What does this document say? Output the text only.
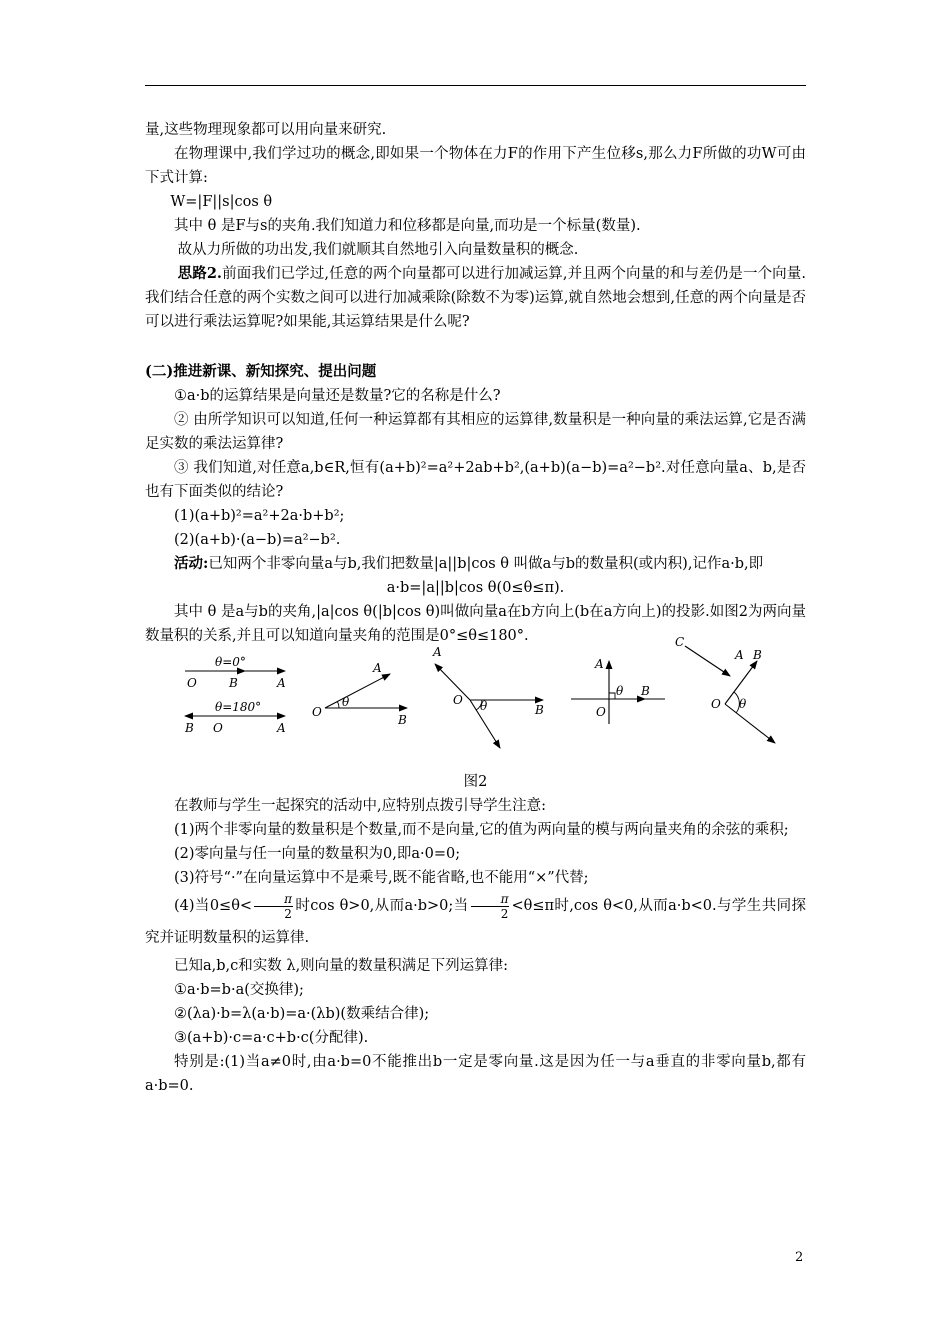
量,这些物理现象都可以用向量来研究.

在物理课中,我们学过功的概念,即如果一个物体在力F的作用下产生位移s,那么力F所做的功W可由下式计算:

W=|F||s|cos θ

其中 θ 是F与s的夹角.我们知道力和位移都是向量,而功是一个标量(数量).

故从力所做的功出发,我们就顺其自然地引入向量数量积的概念.

思路2.前面我们已学过,任意的两个向量都可以进行加减运算,并且两个向量的和与差仍是一个向量.我们结合任意的两个实数之间可以进行加减乘除(除数不为零)运算,就自然地会想到,任意的两个向量是否可以进行乘法运算呢?如果能,其运算结果是什么呢?

(二)推进新课、新知探究、提出问题

①a·b的运算结果是向量还是数量?它的名称是什么?

② 由所学知识可以知道,任何一种运算都有其相应的运算律,数量积是一种向量的乘法运算,它是否满足实数的乘法运算律?

③ 我们知道,对任意a,b∈R,恒有(a+b)²=a²+2ab+b²,(a+b)(a−b)=a²−b².对任意向量a、b,是否也有下面类似的结论?

(1)(a+b)²=a²+2a·b+b²;

(2)(a+b)·(a−b)=a²−b².

活动:已知两个非零向量a与b,我们把数量|a||b|cos θ 叫做a与b的数量积(或内积),记作a·b,即

a·b=|a||b|cos θ(0≤θ≤π).

其中 θ 是a与b的夹角,|a|cos θ(|b|cos θ)叫做向量a在b方向上(b在a方向上)的投影.如图2为两向量数量积的关系,并且可以知道向量夹角的范围是0°≤θ≤180°.

θ=0°
O	B	A
θ=180°
B O	A
O
A
θ
B
A
O θ	B
A
θ B
O
C
A B
O θ

图2

在教师与学生一起探究的活动中,应特别点拨引导学生注意:

(1)两个非零向量的数量积是个数量,而不是向量,它的值为两向量的模与两向量夹角的余弦的乘积;

(2)零向量与任一向量的数量积为0,即a·0=0;

(3)符号“·”在向量运算中不是乘号,既不能省略,也不能用“×”代替;

(4)当$0\le\theta< \frac{\pi}{2}$ 时cos θ>0,从而a·b>0;当 $\frac{\pi}{2} <\theta\le\pi$时,cos θ<0,从而a·b<0.与学生共同探究并证明数量积的运算律.

已知a,b,c和实数 λ,则向量的数量积满足下列运算律:

①a·b=b·a(交换律);

②(λa)·b=λ(a·b)=a·(λb)(数乘结合律);

③(a+b)·c=a·c+b·c(分配律).

特别是:(1)当a≠0时,由a·b=0不能推出b一定是零向量.这是因为任一与a垂直的非零向量b,都有a·b=0.

2
